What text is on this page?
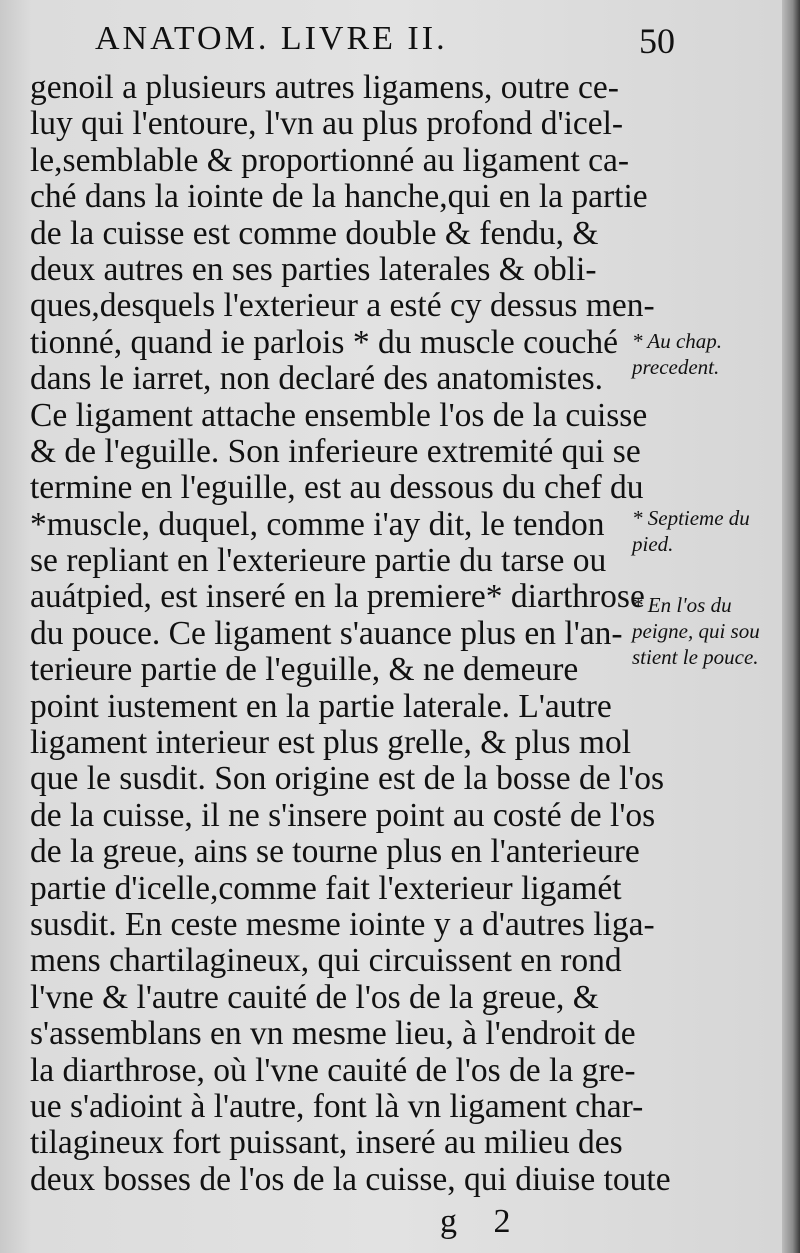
ANATOM. LIVRE II.	50
genoil a plusieurs autres ligamens, outre ce-
luy qui l'entoure, l'vn au plus profond d'icel-
le,semblable & proportionné au ligament ca-
ché dans la iointe de la hanche,qui en la partie
de la cuisse est comme double & fendu, &
deux autres en ses parties laterales & obli-
ques,desquels l'exterieur a esté cy dessus men-
tionné, quand ie parlois * du muscle couché
dans le iarret, non declaré des anatomistes.
Ce ligament attache ensemble l'os de la cuisse
& de l'eguille. Son inferieure extremité qui se
termine en l'eguille, est au dessous du chef du
*muscle, duquel, comme i'ay dit, le tendon
se repliant en l'exterieure partie du tarse ou
auátpied, est inseré en la premiere* diarthrose
du pouce. Ce ligament s'auance plus en l'an-
terieure partie de l'eguille, & ne demeure
point iustement en la partie laterale. L'autre
ligament interieur est plus grelle, & plus mol
que le susdit. Son origine est de la bosse de l'os
de la cuisse, il ne s'insere point au costé de l'os
de la greue, ains se tourne plus en l'anterieure
partie d'icelle,comme fait l'exterieur ligamét
susdit. En ceste mesme iointe y a d'autres liga-
mens chartilagineux, qui circuissent en rond
l'vne & l'autre cauité de l'os de la greue, &
s'assemblans en vn mesme lieu, à l'endroit de
la diarthrose, où l'vne cauité de l'os de la gre-
ue s'adioint à l'autre, font là vn ligament char-
tilagineux fort puissant, inseré au milieu des
deux bosses de l'os de la cuisse, qui diuise toute
* Au chap.
precedent.
* Septieme du
pied.
* En l'os du
peigne, qui sou
stient le pouce.
g 2
